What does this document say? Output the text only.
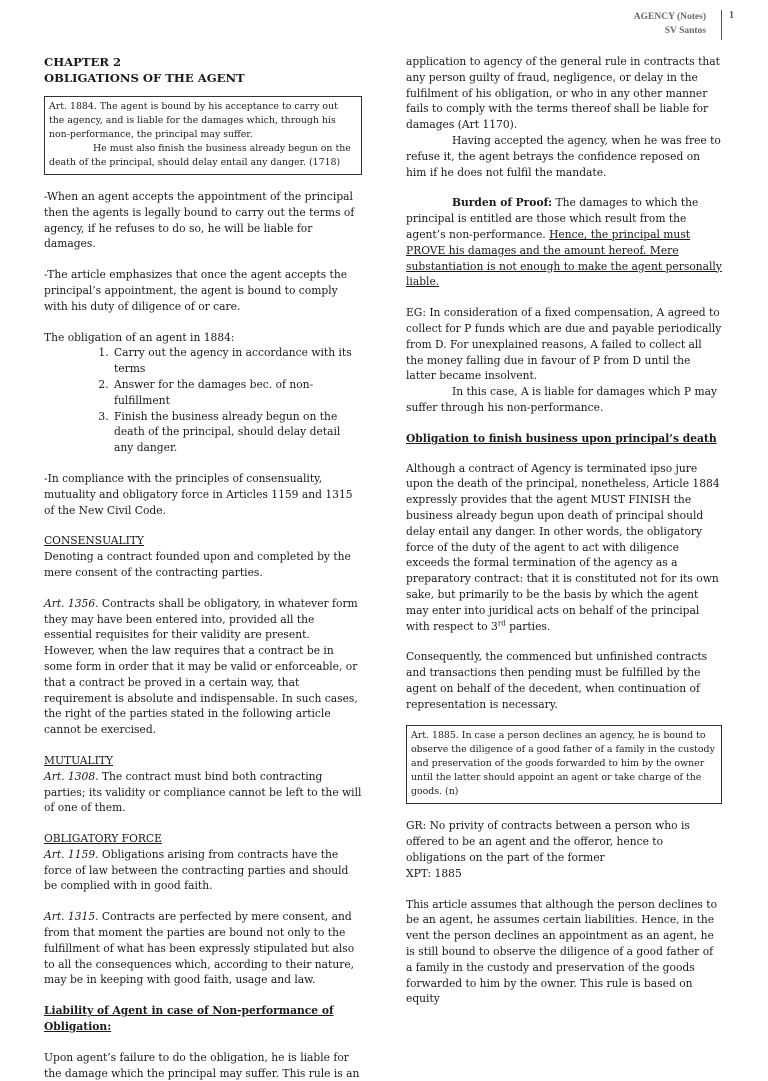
AGENCY (Notes)
SV Santos
1

CHAPTER 2

OBLIGATIONS OF THE AGENT

Art. 1884. The agent is bound by his acceptance to carry out the agency, and is liable for the damages which, through his non-performance, the principal may suffer.

He must also finish the business already begun on the death of the principal, should delay entail any danger. (1718)

-When an agent accepts the appointment of the principal then the agents is legally bound to carry out the terms of agency, if he refuses to do so, he will be liable for damages.

-The article emphasizes that once the agent accepts the principal’s appointment, the agent is bound to comply with his duty of diligence of or care.

The obligation of an agent in 1884:

1. Carry out the agency in accordance with its terms
2. Answer for the damages bec. of non-fulfillment
3. Finish the business already begun on the death of the principal, should delay detail any danger.

-In compliance with the principles of consensuality, mutuality and obligatory force in Articles 1159 and 1315 of the New Civil Code.

CONSENSUALITY

Denoting a contract founded upon and completed by the mere consent of the contracting parties.

Art. 1356. Contracts shall be obligatory, in whatever form they may have been entered into, provided all the essential requisites for their validity are present. However, when the law requires that a contract be in some form in order that it may be valid or enforceable, or that a contract be proved in a certain way, that requirement is absolute and indispensable. In such cases, the right of the parties stated in the following article cannot be exercised.

MUTUALITY

Art. 1308. The contract must bind both contracting parties; its validity or compliance cannot be left to the will of one of them.

OBLIGATORY FORCE

Art. 1159. Obligations arising from contracts have the force of law between the contracting parties and should be complied with in good faith.

Art. 1315. Contracts are perfected by mere consent, and from that moment the parties are bound not only to the fulfillment of what has been expressly stipulated but also to all the consequences which, according to their nature, may be in keeping with good faith, usage and law.

Liability of Agent in case of Non-performance of Obligation:

Upon agent’s failure to do the obligation, he is liable for the damage which the principal may suffer. This rule is an

application to agency of the general rule in contracts that any person guilty of fraud, negligence, or delay in the fulfilment of his obligation, or who in any other manner fails to comply with the terms thereof shall be liable for damages (Art 1170).

Having accepted the agency, when he was free to refuse it, the agent betrays the confidence reposed on him if he does not fulfil the mandate.

Burden of Proof: The damages to which the principal is entitled are those which result from the agent’s non-performance. Hence, the principal must PROVE his damages and the amount hereof. Mere substantiation is not enough to make the agent personally liable.

EG: In consideration of a fixed compensation, A agreed to collect for P funds which are due and payable periodically from D. For unexplained reasons, A failed to collect all the money falling due in favour of P from D until the latter became insolvent.

In this case, A is liable for damages which P may suffer through his non-performance.

Obligation to finish business upon principal’s death

Although a contract of Agency is terminated ipso jure upon the death of the principal, nonetheless, Article 1884 expressly provides that the agent MUST FINISH the business already begun upon death of principal should delay entail any danger. In other words, the obligatory force of the duty of the agent to act with diligence exceeds the formal termination of the agency as a preparatory contract: that it is constituted not for its own sake, but primarily to be the basis by which the agent may enter into juridical acts on behalf of the principal with respect to 3rd parties.

Consequently, the commenced but unfinished contracts and transactions then pending must be fulfilled by the agent on behalf of the decedent, when continuation of representation is necessary.

Art. 1885. In case a person declines an agency, he is bound to observe the diligence of a good father of a family in the custody and preservation of the goods forwarded to him by the owner until the latter should appoint an agent or take charge of the goods. (n)

GR: No privity of contracts between a person who is offered to be an agent and the offeror, hence to obligations on the part of the former

XPT: 1885

This article assumes that although the person declines to be an agent, he assumes certain liabilities. Hence, in the vent the person declines an appointment as an agent, he is still bound to observe the diligence of a good father of a family in the custody and preservation of the goods forwarded to him by the owner. This rule is based on equity
